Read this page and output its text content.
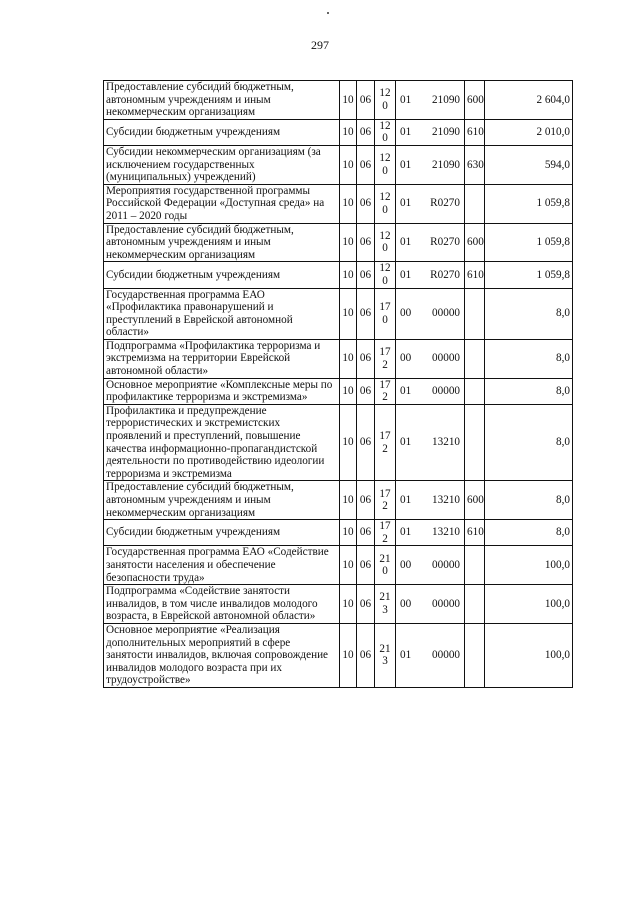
297
Предоставление субсидий бюджетным, автономным учреждениям и иным некоммерческим организациям	10	06	12 0	01 21090	600	2 604,0
Субсидии бюджетным учреждениям	10	06	12 0	01 21090	610	2 010,0
Субсидии некоммерческим организациям (за исключением государственных (муниципальных) учреждений)	10	06	12 0	01 21090	630	594,0
Мероприятия государственной программы Российской Федерации «Доступная среда» на 2011 – 2020 годы	10	06	12 0	01 R0270		1 059,8
Предоставление субсидий бюджетным, автономным учреждениям и иным некоммерческим организациям	10	06	12 0	01 R0270	600	1 059,8
Субсидии бюджетным учреждениям	10	06	12 0	01 R0270	610	1 059,8
Государственная программа ЕАО «Профилактика правонарушений и преступлений в Еврейской автономной области»	10	06	17 0	00 00000		8,0
Подпрограмма «Профилактика терроризма и экстремизма на территории Еврейской автономной области»	10	06	17 2	00 00000		8,0
Основное мероприятие «Комплексные меры по профилактике терроризма и экстремизма»	10	06	17 2	01 00000		8,0
Профилактика и предупреждение террористических и экстремистских проявлений и преступлений, повышение качества информационно-пропагандистской деятельности по противодействию идеологии терроризма и экстремизма	10	06	17 2	01 13210		8,0
Предоставление субсидий бюджетным, автономным учреждениям и иным некоммерческим организациям	10	06	17 2	01 13210	600	8,0
Субсидии бюджетным учреждениям	10	06	17 2	01 13210	610	8,0
Государственная программа ЕАО «Содействие занятости населения и обеспечение безопасности труда»	10	06	21 0	00 00000		100,0
Подпрограмма «Содействие занятости инвалидов, в том числе инвалидов молодого возраста, в Еврейской автономной области»	10	06	21 3	00 00000		100,0
Основное мероприятие «Реализация дополнительных мероприятий в сфере занятости инвалидов, включая сопровождение инвалидов молодого возраста при их трудоустройстве»	10	06	21 3	01 00000		100,0
